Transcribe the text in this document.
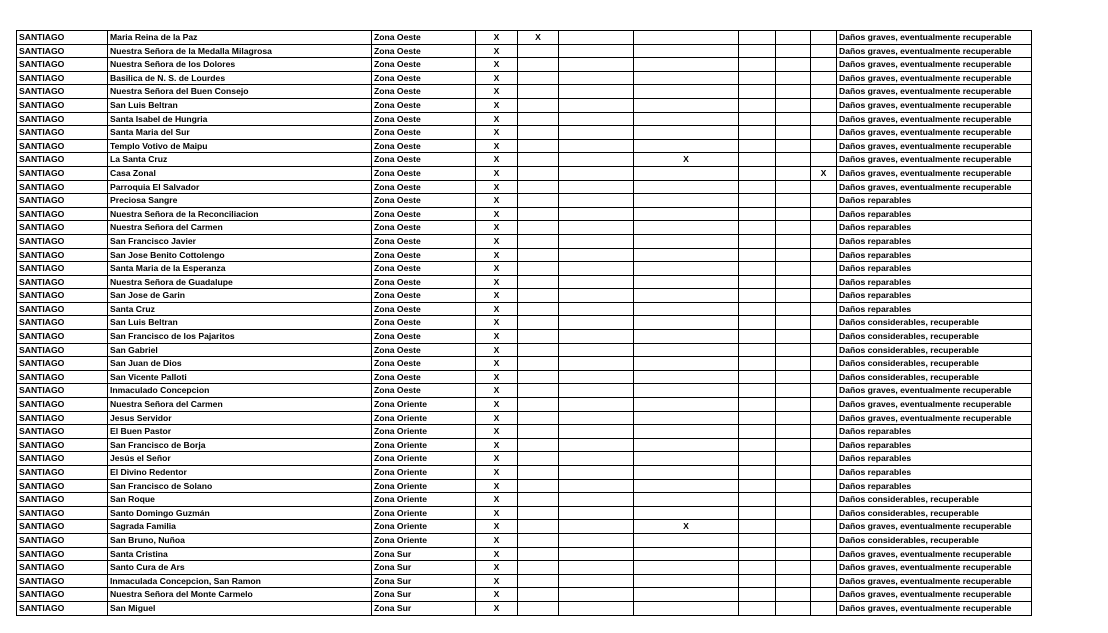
SANTIAGO	Maria Reina de la Paz	Zona Oeste	X	X						Daños graves, eventualmente recuperable
SANTIAGO	Nuestra Señora de la Medalla Milagrosa	Zona Oeste	X							Daños graves, eventualmente recuperable
SANTIAGO	Nuestra Señora de los Dolores	Zona Oeste	X							Daños graves, eventualmente recuperable
SANTIAGO	Basilica de N. S. de Lourdes	Zona Oeste	X							Daños graves, eventualmente recuperable
SANTIAGO	Nuestra Señora del Buen Consejo	Zona Oeste	X							Daños graves, eventualmente recuperable
SANTIAGO	San Luis Beltran	Zona Oeste	X							Daños graves, eventualmente recuperable
SANTIAGO	Santa Isabel de Hungria	Zona Oeste	X							Daños graves, eventualmente recuperable
SANTIAGO	Santa Maria del Sur	Zona Oeste	X							Daños graves, eventualmente recuperable
SANTIAGO	Templo Votivo de Maipu	Zona Oeste	X							Daños graves, eventualmente recuperable
SANTIAGO	La Santa Cruz	Zona Oeste	X			X				Daños graves, eventualmente recuperable
SANTIAGO	Casa Zonal	Zona Oeste	X						X	Daños graves, eventualmente recuperable
SANTIAGO	Parroquia El Salvador	Zona Oeste	X							Daños graves, eventualmente recuperable
SANTIAGO	Preciosa Sangre	Zona Oeste	X							Daños reparables
SANTIAGO	Nuestra Señora de la Reconciliacion	Zona Oeste	X							Daños reparables
SANTIAGO	Nuestra Señora del Carmen	Zona Oeste	X							Daños reparables
SANTIAGO	San Francisco Javier	Zona Oeste	X							Daños reparables
SANTIAGO	San Jose Benito Cottolengo	Zona Oeste	X							Daños reparables
SANTIAGO	Santa Maria de la Esperanza	Zona Oeste	X							Daños reparables
SANTIAGO	Nuestra Señora de Guadalupe	Zona Oeste	X							Daños reparables
SANTIAGO	San Jose de Garin	Zona Oeste	X							Daños reparables
SANTIAGO	Santa Cruz	Zona Oeste	X							Daños reparables
SANTIAGO	San Luis Beltran	Zona Oeste	X							Daños considerables, recuperable
SANTIAGO	San Francisco de los Pajaritos	Zona Oeste	X							Daños considerables, recuperable
SANTIAGO	San Gabriel	Zona Oeste	X							Daños considerables, recuperable
SANTIAGO	San Juan de Dios	Zona Oeste	X							Daños considerables, recuperable
SANTIAGO	San Vicente Palloti	Zona Oeste	X							Daños considerables, recuperable
SANTIAGO	Inmaculado Concepcion	Zona Oeste	X							Daños graves, eventualmente recuperable
SANTIAGO	Nuestra Señora del Carmen	Zona Oriente	X							Daños graves, eventualmente recuperable
SANTIAGO	Jesus Servidor	Zona Oriente	X							Daños graves, eventualmente recuperable
SANTIAGO	El Buen Pastor	Zona Oriente	X							Daños reparables
SANTIAGO	San Francisco de Borja	Zona Oriente	X							Daños reparables
SANTIAGO	Jesús el Señor	Zona Oriente	X							Daños reparables
SANTIAGO	El Divino Redentor	Zona Oriente	X							Daños reparables
SANTIAGO	San Francisco de Solano	Zona Oriente	X							Daños reparables
SANTIAGO	San Roque	Zona Oriente	X							Daños considerables, recuperable
SANTIAGO	Santo Domingo Guzmán	Zona Oriente	X							Daños considerables, recuperable
SANTIAGO	Sagrada Familia	Zona Oriente	X			X				Daños graves, eventualmente recuperable
SANTIAGO	San Bruno, Nuñoa	Zona Oriente	X							Daños considerables, recuperable
SANTIAGO	Santa Cristina	Zona Sur	X							Daños graves, eventualmente recuperable
SANTIAGO	Santo Cura de Ars	Zona Sur	X							Daños graves, eventualmente recuperable
SANTIAGO	Inmaculada Concepcion, San Ramon	Zona Sur	X							Daños graves, eventualmente recuperable
SANTIAGO	Nuestra Señora del Monte Carmelo	Zona Sur	X							Daños graves, eventualmente recuperable
SANTIAGO	San Miguel	Zona Sur	X							Daños graves, eventualmente recuperable
